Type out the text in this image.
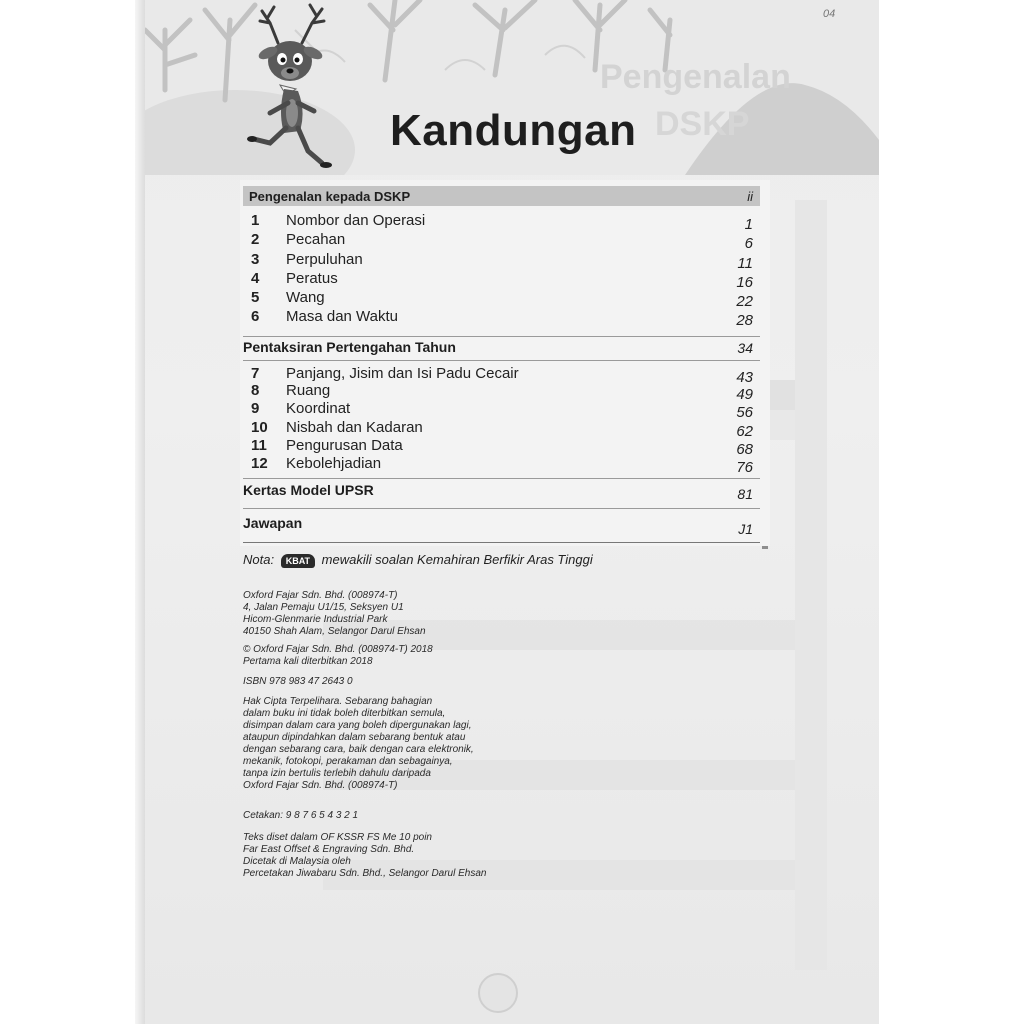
Pengenalan
DSKP
04
Kandungan
Pengenalan kepada DSKP	ii
1 Nombor dan Operasi	1
2 Pecahan	6
3 Perpuluhan	11
4 Peratus	16
5 Wang	22
6 Masa dan Waktu	28
Pentaksiran Pertengahan Tahun	34
7 Panjang, Jisim dan Isi Padu Cecair	43
8 Ruang	49
9 Koordinat	56
10 Nisbah dan Kadaran	62
11 Pengurusan Data	68
12 Kebolehjadian	76
Kertas Model UPSR	81
Jawapan	J1
Nota: KBAT mewakili soalan Kemahiran Berfikir Aras Tinggi
Oxford Fajar Sdn. Bhd. (008974-T)
4, Jalan Pemaju U1/15, Seksyen U1
Hicom-Glenmarie Industrial Park
40150 Shah Alam, Selangor Darul Ehsan
© Oxford Fajar Sdn. Bhd. (008974-T) 2018
Pertama kali diterbitkan 2018
ISBN 978 983 47 2643 0
Hak Cipta Terpelihara. Sebarang bahagian
dalam buku ini tidak boleh diterbitkan semula,
disimpan dalam cara yang boleh dipergunakan lagi,
ataupun dipindahkan dalam sebarang bentuk atau
dengan sebarang cara, baik dengan cara elektronik,
mekanik, fotokopi, perakaman dan sebagainya,
tanpa izin bertulis terlebih dahulu daripada
Oxford Fajar Sdn. Bhd. (008974-T)
Cetakan: 9 8 7 6 5 4 3 2 1
Teks diset dalam OF KSSR FS Me 10 poin
Far East Offset & Engraving Sdn. Bhd.
Dicetak di Malaysia oleh
Percetakan Jiwabaru Sdn. Bhd., Selangor Darul Ehsan
